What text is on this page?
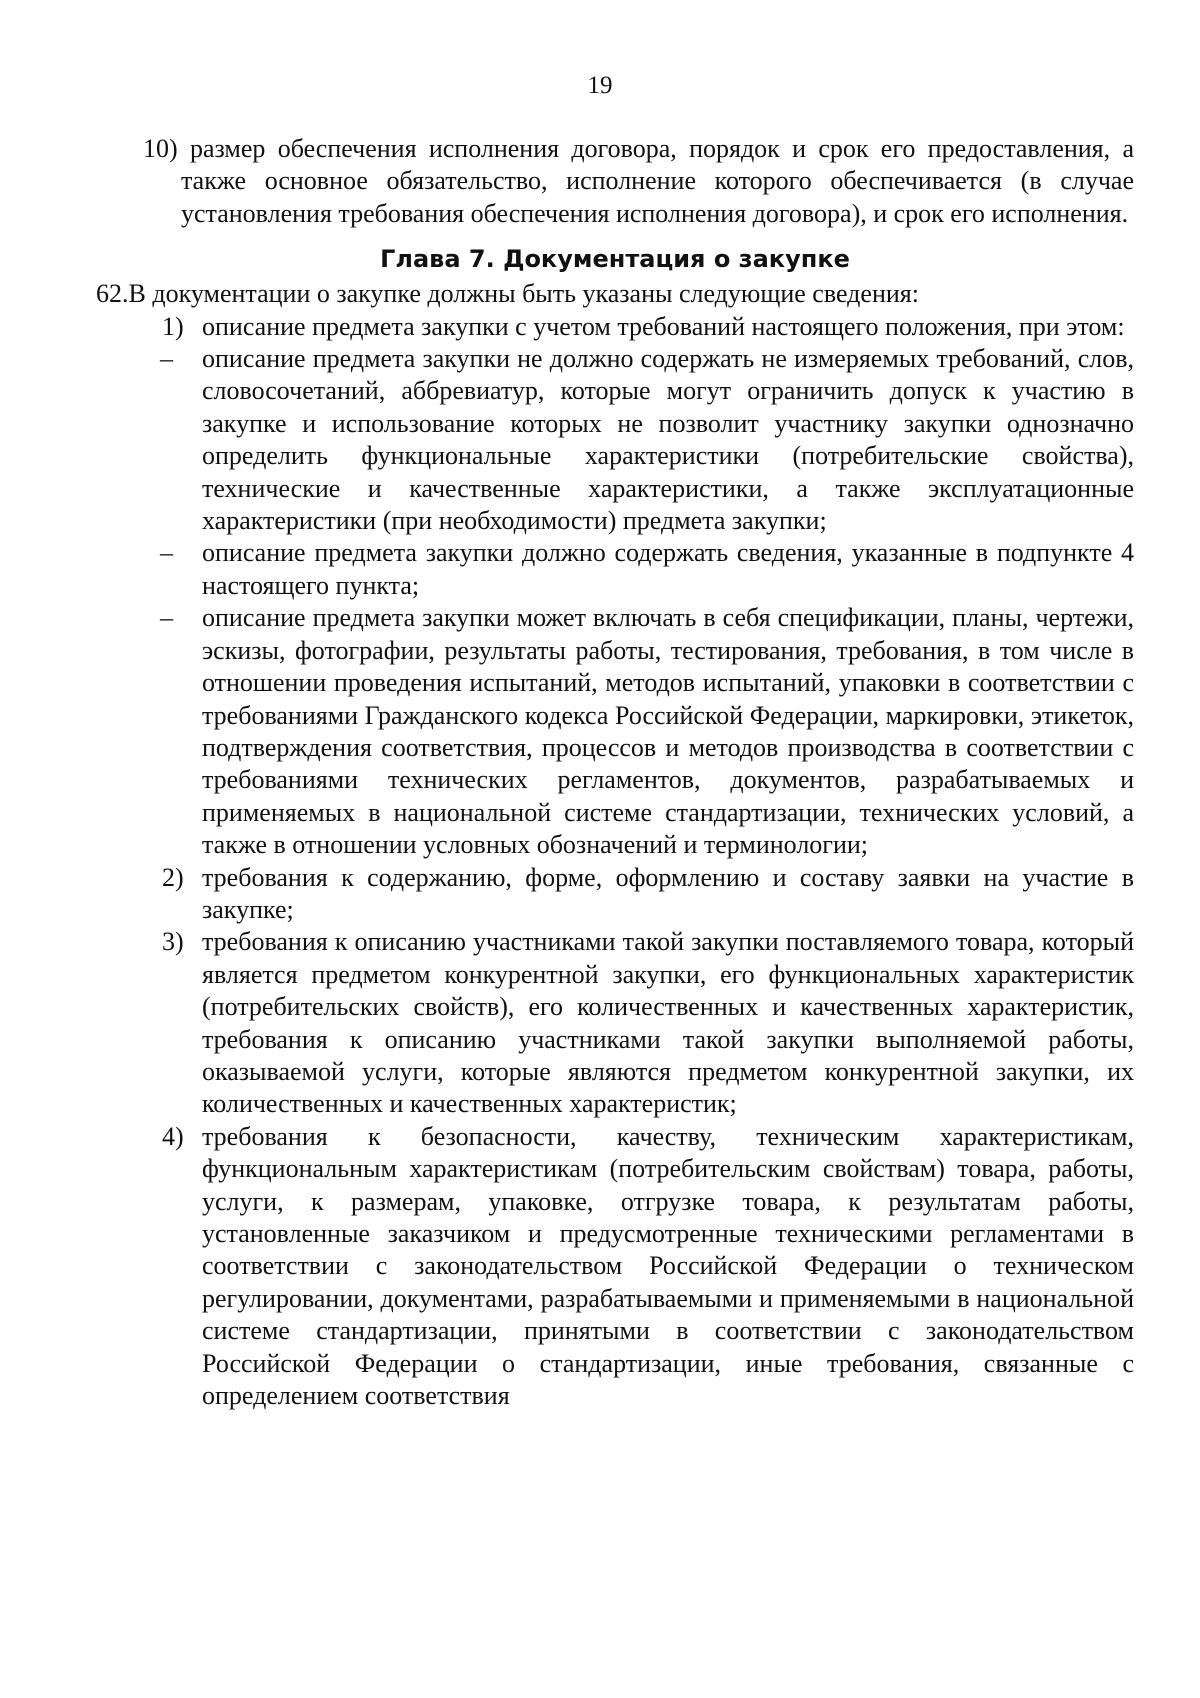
19

10) размер обеспечения исполнения договора, порядок и срок его предоставления, а также основное обязательство, исполнение которого обеспечивается (в случае установления требования обеспечения исполнения договора), и срок его исполнения.

Глава 7. Документация о закупке

62.В документации о закупке должны быть указаны следующие сведения:

1) описание предмета закупки с учетом требований настоящего положения, при этом:
– описание предмета закупки не должно содержать не измеряемых требований, слов, словосочетаний, аббревиатур, которые могут ограничить допуск к участию в закупке и использование которых не позволит участнику закупки однозначно определить функциональные характеристики (потребительские свойства), технические и качественные характеристики, а также эксплуатационные характеристики (при необходимости) предмета закупки;
– описание предмета закупки должно содержать сведения, указанные в подпункте 4 настоящего пункта;
– описание предмета закупки может включать в себя спецификации, планы, чертежи, эскизы, фотографии, результаты работы, тестирования, требования, в том числе в отношении проведения испытаний, методов испытаний, упаковки в соответствии с требованиями Гражданского кодекса Российской Федерации, маркировки, этикеток, подтверждения соответствия, процессов и методов производства в соответствии с требованиями технических регламентов, документов, разрабатываемых и применяемых в национальной системе стандартизации, технических условий, а также в отношении условных обозначений и терминологии;
2) требования к содержанию, форме, оформлению и составу заявки на участие в закупке;
3) требования к описанию участниками такой закупки поставляемого товара, который является предметом конкурентной закупки, его функциональных характеристик (потребительских свойств), его количественных и качественных характеристик, требования к описанию участниками такой закупки выполняемой работы, оказываемой услуги, которые являются предметом конкурентной закупки, их количественных и качественных характеристик;
4) требования к безопасности, качеству, техническим характеристикам, функциональным характеристикам (потребительским свойствам) товара, работы, услуги, к размерам, упаковке, отгрузке товара, к результатам работы, установленные заказчиком и предусмотренные техническими регламентами в соответствии с законодательством Российской Федерации о техническом регулировании, документами, разрабатываемыми и применяемыми в национальной системе стандартизации, принятыми в соответствии с законодательством Российской Федерации о стандартизации, иные требования, связанные с определением соответствия
